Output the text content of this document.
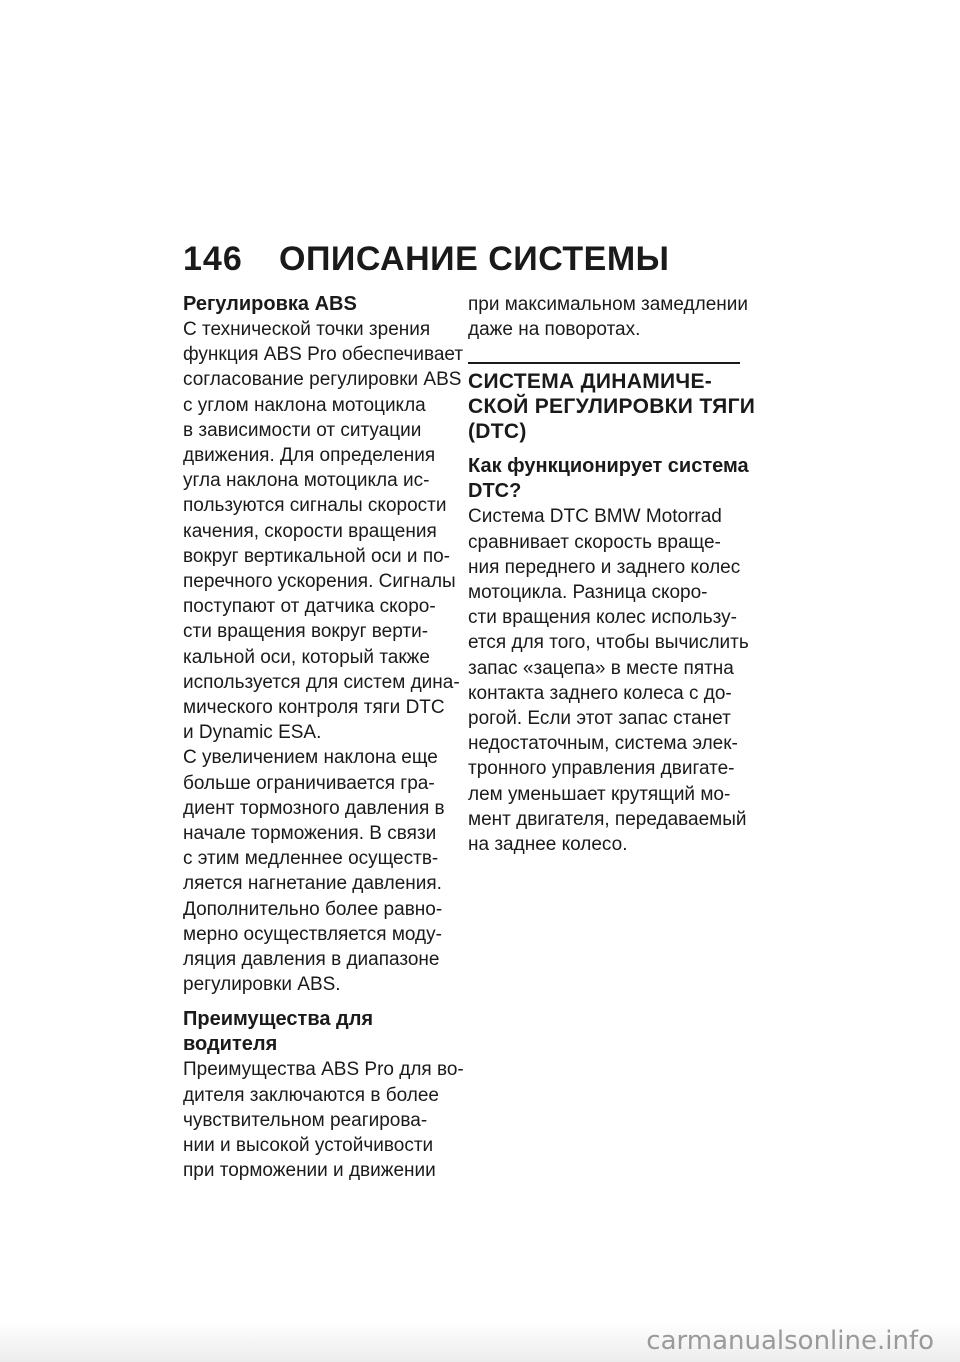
146	ОПИСАНИЕ СИСТЕМЫ
Регулировка ABS
С технической точки зрения
функция ABS Pro обеспечивает
согласование регулировки ABS
с углом наклона мотоцикла
в зависимости от ситуации
движения. Для определения
угла наклона мотоцикла ис-
пользуются сигналы скорости
качения, скорости вращения
вокруг вертикальной оси и по-
перечного ускорения. Сигналы
поступают от датчика скоро-
сти вращения вокруг верти-
кальной оси, который также
используется для систем дина-
мического контроля тяги DTC
и Dynamic ESA.
С увеличением наклона еще
больше ограничивается гра-
диент тормозного давления в
начале торможения. В связи
с этим медленнее осуществ-
ляется нагнетание давления.
Дополнительно более равно-
мерно осуществляется моду-
ляция давления в диапазоне
регулировки ABS.
Преимущества для
водителя
Преимущества ABS Pro для во-
дителя заключаются в более
чувствительном реагирова-
нии и высокой устойчивости
при торможении и движении
при максимальном замедлении
даже на поворотах.
СИСТЕМА ДИНАМИЧЕ-
СКОЙ РЕГУЛИРОВКИ ТЯГИ
(DTC)
Как функционирует система
DTC?
Система DTC BMW Motorrad
сравнивает скорость враще-
ния переднего и заднего колес
мотоцикла. Разница скоро-
сти вращения колес использу-
ется для того, чтобы вычислить
запас «зацепа» в месте пятна
контакта заднего колеса с до-
рогой. Если этот запас станет
недостаточным, система элек-
тронного управления двигате-
лем уменьшает крутящий мо-
мент двигателя, передаваемый
на заднее колесо.
carmanualsonline.info
